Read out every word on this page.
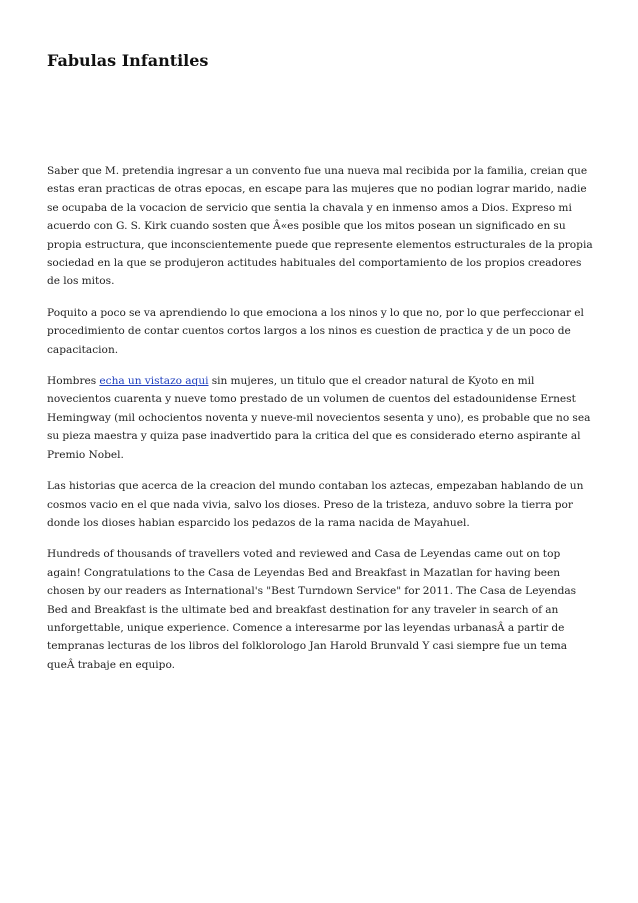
Fabulas Infantiles

Saber que M. pretendia ingresar a un convento fue una nueva mal recibida por la familia, creian que estas eran practicas de otras epocas, en escape para las mujeres que no podian lograr marido, nadie se ocupaba de la vocacion de servicio que sentia la chavala y en inmenso amos a Dios. Expreso mi acuerdo con G. S. Kirk cuando sosten que Â«es posible que los mitos posean un significado en su propia estructura, que inconscientemente puede que represente elementos estructurales de la propia sociedad en la que se produjeron actitudes habituales del comportamiento de los propios creadores de los mitos.

Poquito a poco se va aprendiendo lo que emociona a los ninos y lo que no, por lo que perfeccionar el procedimiento de contar cuentos cortos largos a los ninos es cuestion de practica y de un poco de capacitacion.

Hombres echa un vistazo aqui sin mujeres, un titulo que el creador natural de Kyoto en mil novecientos cuarenta y nueve tomo prestado de un volumen de cuentos del estadounidense Ernest Hemingway (mil ochocientos noventa y nueve-mil novecientos sesenta y uno), es probable que no sea su pieza maestra y quiza pase inadvertido para la critica del que es considerado eterno aspirante al Premio Nobel.

Las historias que acerca de la creacion del mundo contaban los aztecas, empezaban hablando de un cosmos vacio en el que nada vivia, salvo los dioses. Preso de la tristeza, anduvo sobre la tierra por donde los dioses habian esparcido los pedazos de la rama nacida de Mayahuel.

Hundreds of thousands of travellers voted and reviewed and Casa de Leyendas came out on top again! Congratulations to the Casa de Leyendas Bed and Breakfast in Mazatlan for having been chosen by our readers as International's "Best Turndown Service" for 2011. The Casa de Leyendas Bed and Breakfast is the ultimate bed and breakfast destination for any traveler in search of an unforgettable, unique experience. Comence a interesarme por las leyendas urbanasÂ a partir de tempranas lecturas de los libros del folklorologo Jan Harold Brunvald Y casi siempre fue un tema queÂ trabaje en equipo.
